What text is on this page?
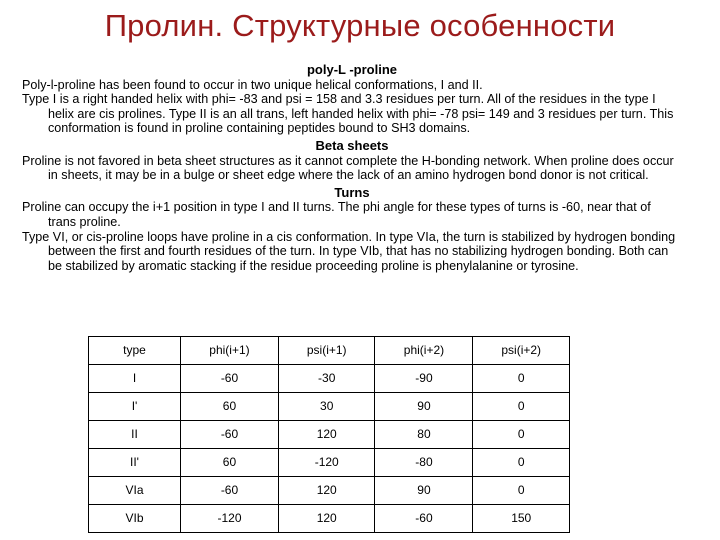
Пролин. Структурные особенности

poly-L -proline

Poly-l-proline has been found to occur in two unique helical conformations, I and II.

Type I is a right handed helix with phi= -83 and psi = 158 and 3.3 residues per turn. All of the residues in the type I helix are cis prolines. Type II is an all trans, left handed helix with phi= -78 psi= 149 and 3 residues per turn. This conformation is found in proline containing peptides bound to SH3 domains.

Beta sheets

Proline is not favored in beta sheet structures as it cannot complete the H-bonding network. When proline does occur in sheets, it may be in a bulge or sheet edge where the lack of an amino hydrogen bond donor is not critical.

Turns

Proline can occupy the i+1 position in type I and II turns. The phi angle for these types of turns is -60, near that of trans proline.

Type VI, or cis-proline loops have proline in a cis conformation. In type VIa, the turn is stabilized by hydrogen bonding between the first and fourth residues of the turn. In type VIb, that has no stabilizing hydrogen bonding. Both can be stabilized by aromatic stacking if the residue proceeding proline is phenylalanine or tyrosine.

type	phi(i+1)	psi(i+1)	phi(i+2)	psi(i+2)
I	-60	-30	-90	0
I'	60	30	90	0
II	-60	120	80	0
II'	60	-120	-80	0
VIa	-60	120	90	0
VIb	-120	120	-60	150
